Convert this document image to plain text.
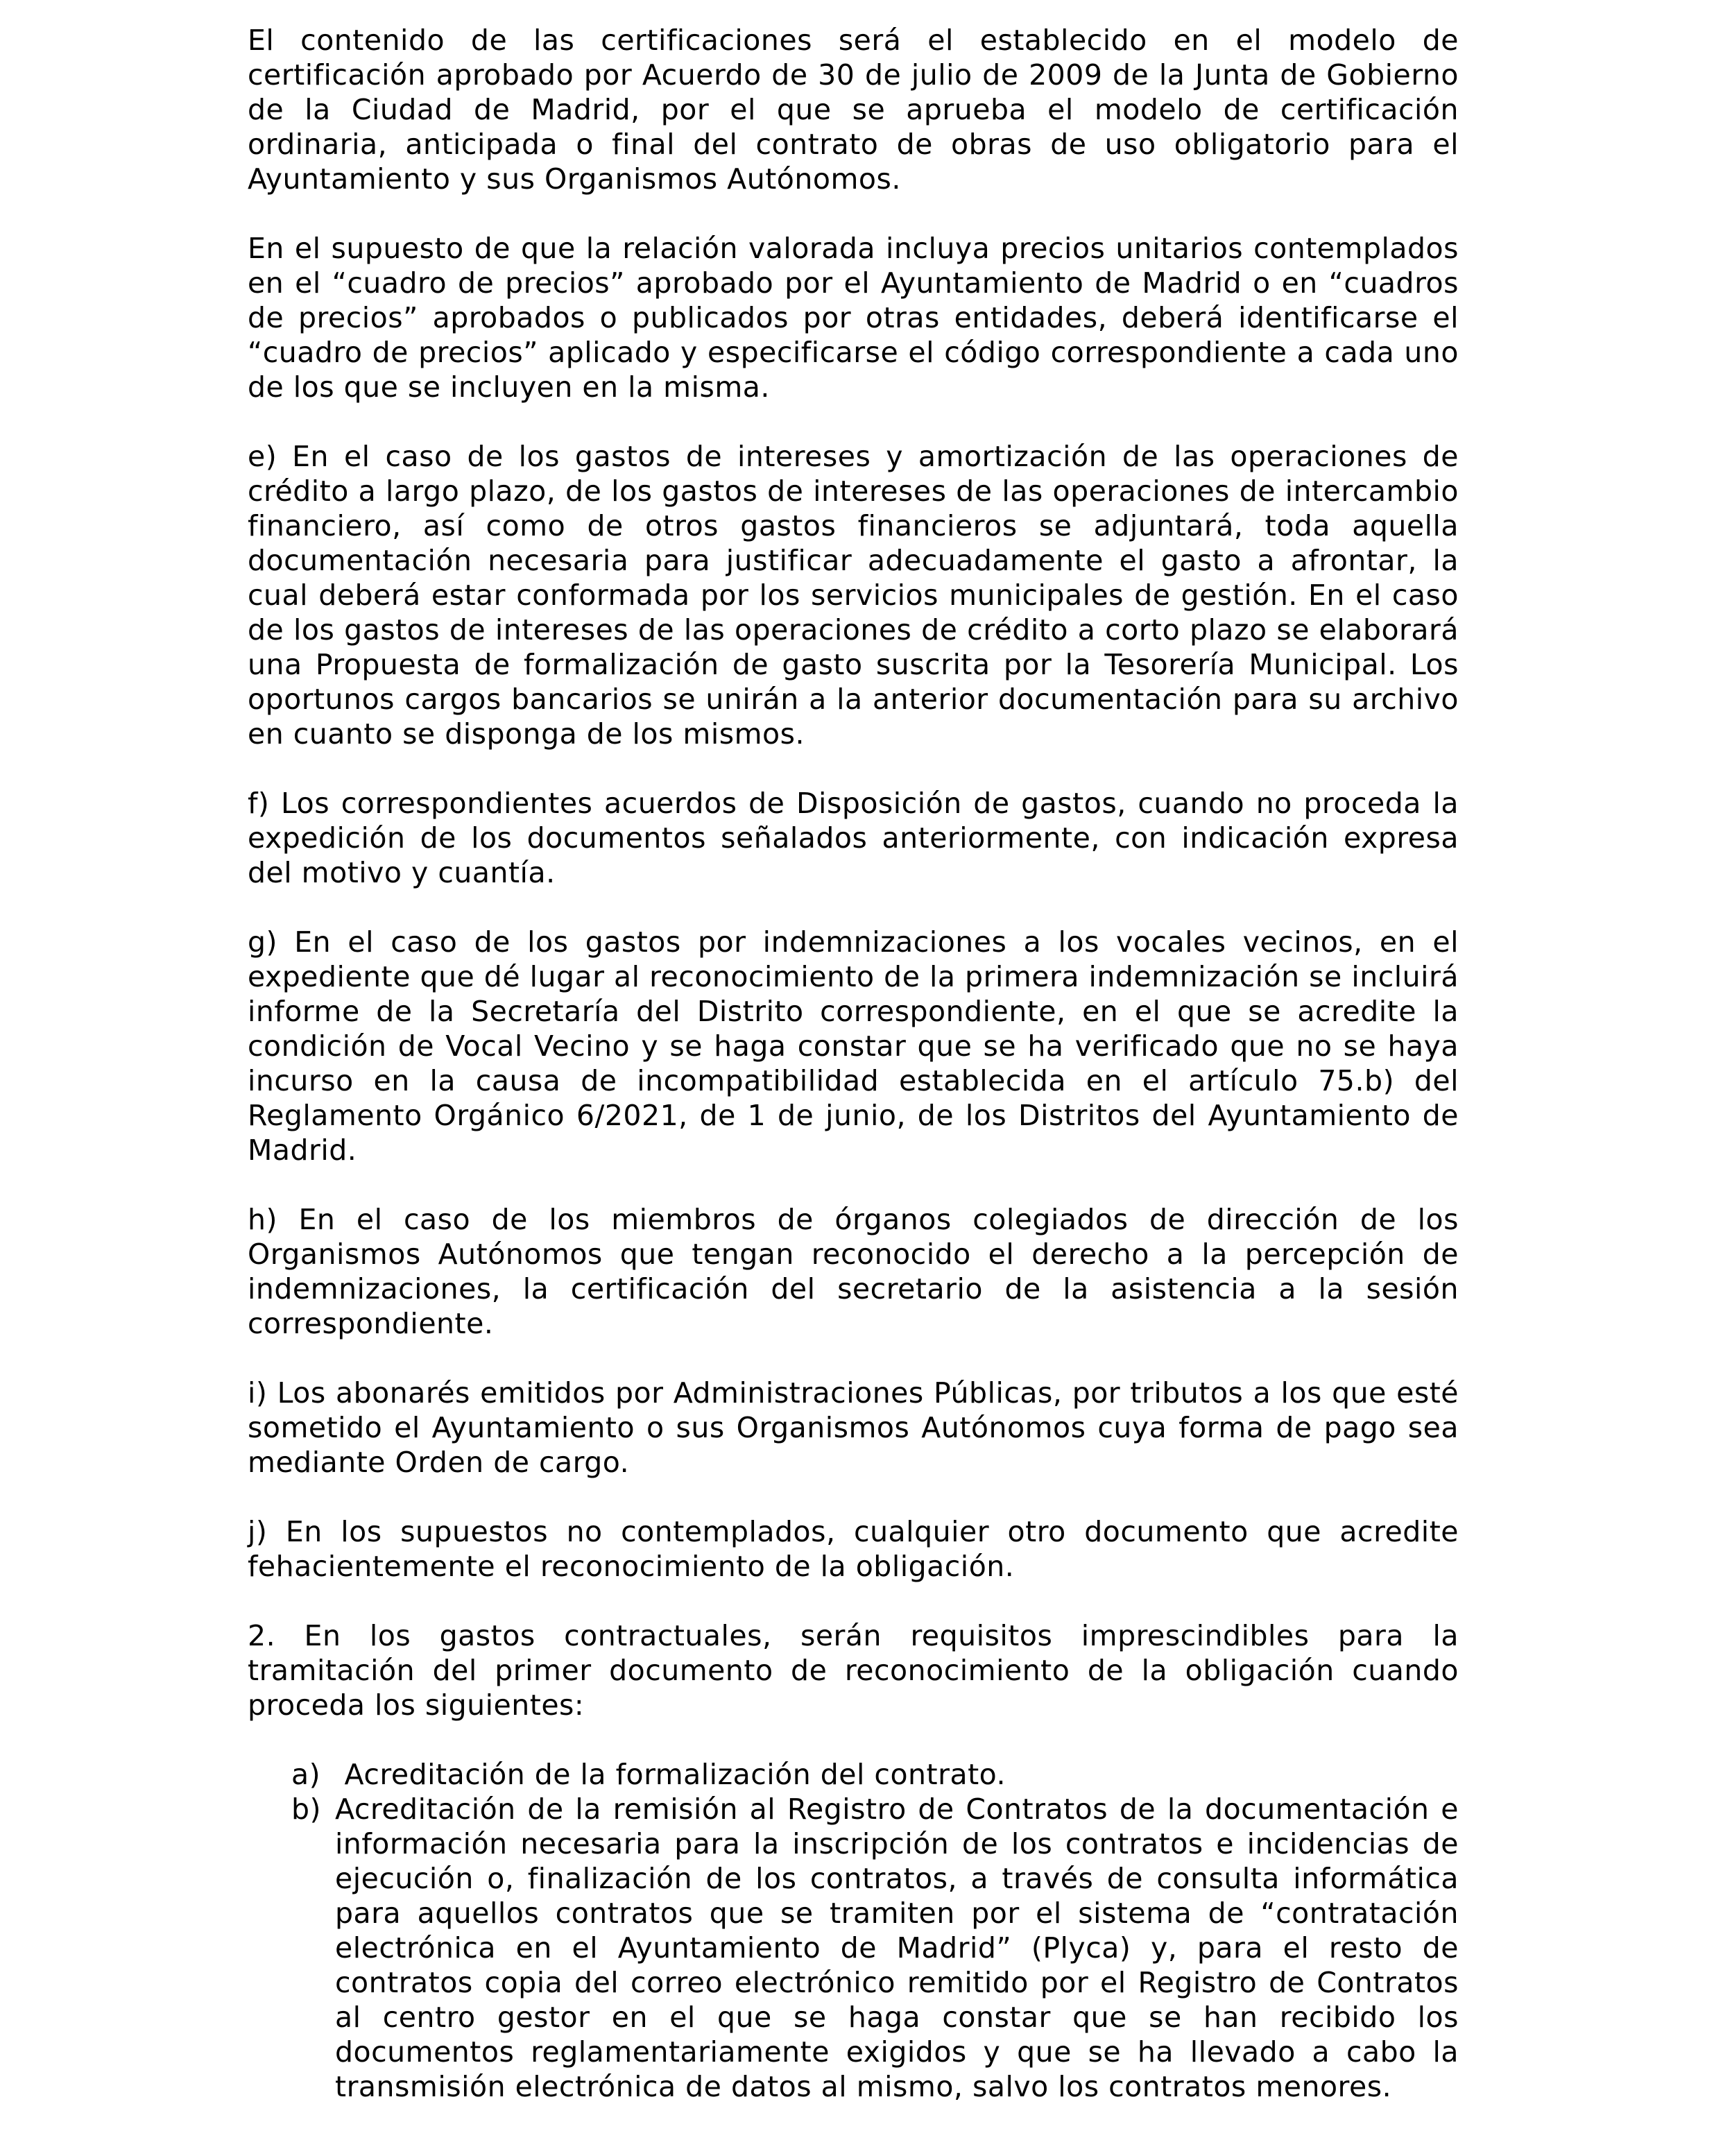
El contenido de las certificaciones será el establecido en el modelo de certificación aprobado por Acuerdo de 30 de julio de 2009 de la Junta de Gobierno de la Ciudad de Madrid, por el que se aprueba el modelo de certificación ordinaria, anticipada o final del contrato de obras de uso obligatorio para el Ayuntamiento y sus Organismos Autónomos.

En el supuesto de que la relación valorada incluya precios unitarios contemplados en el “cuadro de precios” aprobado por el Ayuntamiento de Madrid o en “cuadros de precios” aprobados o publicados por otras entidades, deberá identificarse el “cuadro de precios” aplicado y especificarse el código correspondiente a cada uno de los que se incluyen en la misma.

e) En el caso de los gastos de intereses y amortización de las operaciones de crédito a largo plazo, de los gastos de intereses de las operaciones de intercambio financiero, así como de otros gastos financieros se adjuntará, toda aquella documentación necesaria para justificar adecuadamente el gasto a afrontar, la cual deberá estar conformada por los servicios municipales de gestión. En el caso de los gastos de intereses de las operaciones de crédito a corto plazo se elaborará una Propuesta de formalización de gasto suscrita por la Tesorería Municipal. Los oportunos cargos bancarios se unirán a la anterior documentación para su archivo en cuanto se disponga de los mismos.

f) Los correspondientes acuerdos de Disposición de gastos, cuando no proceda la expedición de los documentos señalados anteriormente, con indicación expresa del motivo y cuantía.

g) En el caso de los gastos por indemnizaciones a los vocales vecinos, en el expediente que dé lugar al reconocimiento de la primera indemnización se incluirá informe de la Secretaría del Distrito correspondiente, en el que se acredite la condición de Vocal Vecino y se haga constar que se ha verificado que no se haya incurso en la causa de incompatibilidad establecida en el artículo 75.b) del Reglamento Orgánico 6/2021, de 1 de junio, de los Distritos del Ayuntamiento de Madrid.

h) En el caso de los miembros de órganos colegiados de dirección de los Organismos Autónomos que tengan reconocido el derecho a la percepción de indemnizaciones, la certificación del secretario de la asistencia a la sesión correspondiente.

i) Los abonarés emitidos por Administraciones Públicas, por tributos a los que esté sometido el Ayuntamiento o sus Organismos Autónomos cuya forma de pago sea mediante Orden de cargo.

j) En los supuestos no contemplados, cualquier otro documento que acredite fehacientemente el reconocimiento de la obligación.

2. En los gastos contractuales, serán requisitos imprescindibles para la tramitación del primer documento de reconocimiento de la obligación cuando proceda los siguientes:

a) Acreditación de la formalización del contrato.
b) Acreditación de la remisión al Registro de Contratos de la documentación e información necesaria para la inscripción de los contratos e incidencias de ejecución o, finalización de los contratos, a través de consulta informática para aquellos contratos que se tramiten por el sistema de “contratación electrónica en el Ayuntamiento de Madrid” (Plyca) y, para el resto de contratos copia del correo electrónico remitido por el Registro de Contratos al centro gestor en el que se haga constar que se han recibido los documentos reglamentariamente exigidos y que se ha llevado a cabo la transmisión electrónica de datos al mismo, salvo los contratos menores.
